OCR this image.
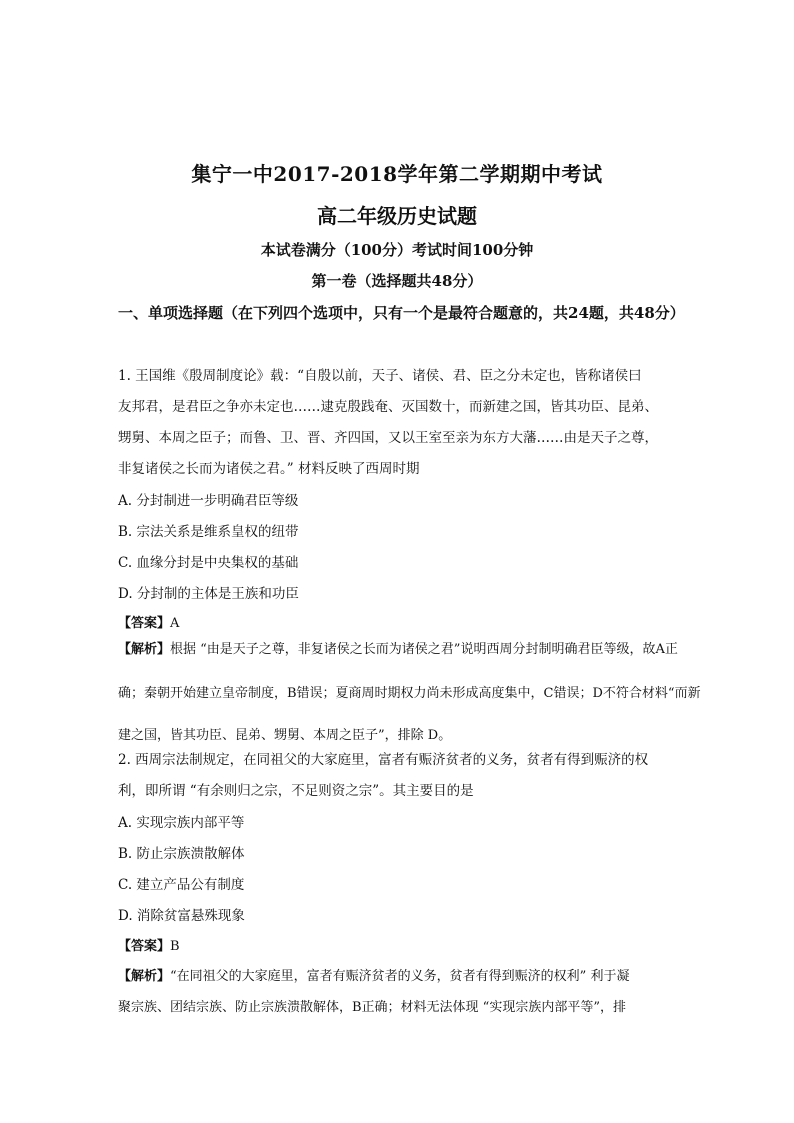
集宁一中2017-2018学年第二学期期中考试
高二年级历史试题
本试卷满分（100分）考试时间100分钟
第一卷（选择题共48分）
一、单项选择题（在下列四个选项中，只有一个是最符合题意的，共24题，共48分）
1. 王国维《殷周制度论》载：“自殷以前，天子、诸侯、君、臣之分未定也，皆称诸侯曰
友邦君，是君臣之争亦未定也……逮克殷践奄、灭国数十，而新建之国，皆其功臣、昆弟、
甥舅、本周之臣子；而鲁、卫、晋、齐四国，又以王室至亲为东方大藩……由是天子之尊，
非复诸侯之长而为诸侯之君。” 材料反映了西周时期
A. 分封制进一步明确君臣等级
B. 宗法关系是维系皇权的纽带
C. 血缘分封是中央集权的基础
D. 分封制的主体是王族和功臣
【答案】A
【解析】根据 “由是天子之尊，非复诸侯之长而为诸侯之君”说明西周分封制明确君臣等级，故A正
确；秦朝开始建立皇帝制度，B错误；夏商周时期权力尚未形成高度集中，C错误；D不符合材料“而新
建之国，皆其功臣、昆弟、甥舅、本周之臣子”，排除 D。
2. 西周宗法制规定，在同祖父的大家庭里，富者有赈济贫者的义务，贫者有得到赈济的权
利，即所谓 “有余则归之宗，不足则资之宗”。其主要目的是
A. 实现宗族内部平等
B. 防止宗族溃散解体
C. 建立产品公有制度
D. 消除贫富悬殊现象
【答案】B
【解析】“在同祖父的大家庭里，富者有赈济贫者的义务，贫者有得到赈济的权利” 利于凝
聚宗族、团结宗族、防止宗族溃散解体，B正确；材料无法体现 “实现宗族内部平等”，排
